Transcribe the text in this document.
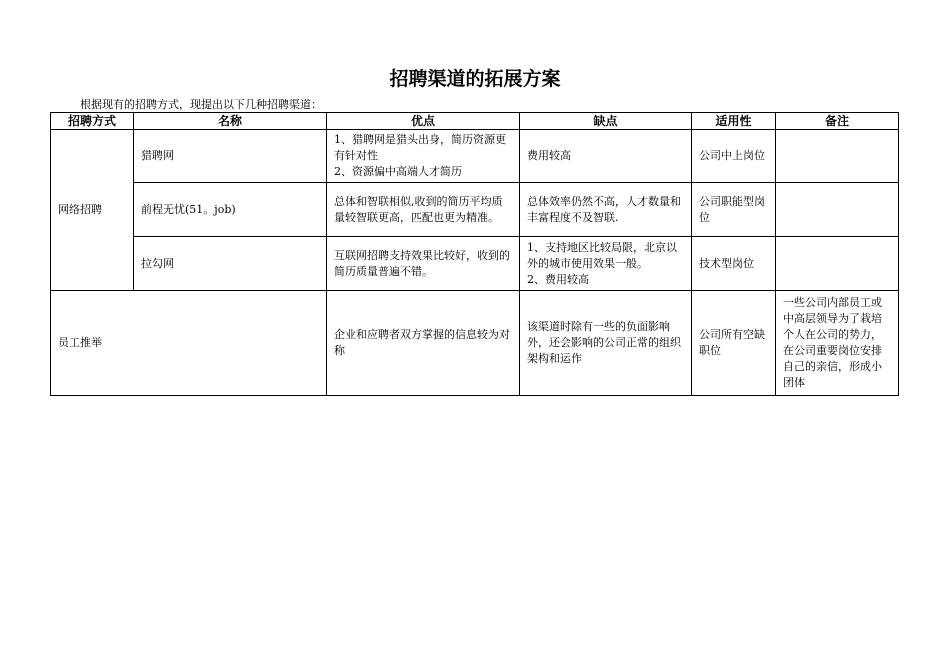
招聘渠道的拓展方案
根据现有的招聘方式，现提出以下几种招聘渠道：
招聘方式	名称	优点	缺点	适用性	备注
网络招聘	猎聘网	1、猎聘网是猎头出身，简历资源更有针对性
2、资源偏中高端人才简历	费用较高	公司中上岗位	
	前程无忧(51。job)	总体和智联相似,收到的简历平均质量较智联更高，匹配也更为精准。	总体效率仍然不高，人才数量和丰富程度不及智联.	公司职能型岗位	
	拉勾网	互联网招聘支持效果比较好，收到的简历质量普遍不错。	1、支持地区比较局限，北京以外的城市使用效果一般。
2、费用较高	技术型岗位	
员工推举		企业和应聘者双方掌握的信息较为对称	该渠道时除有一些的负面影响外，还会影响的公司正常的组织架构和运作	公司所有空缺职位	一些公司内部员工或中高层领导为了栽培个人在公司的势力，在公司重要岗位安排自己的亲信，形成小团体
